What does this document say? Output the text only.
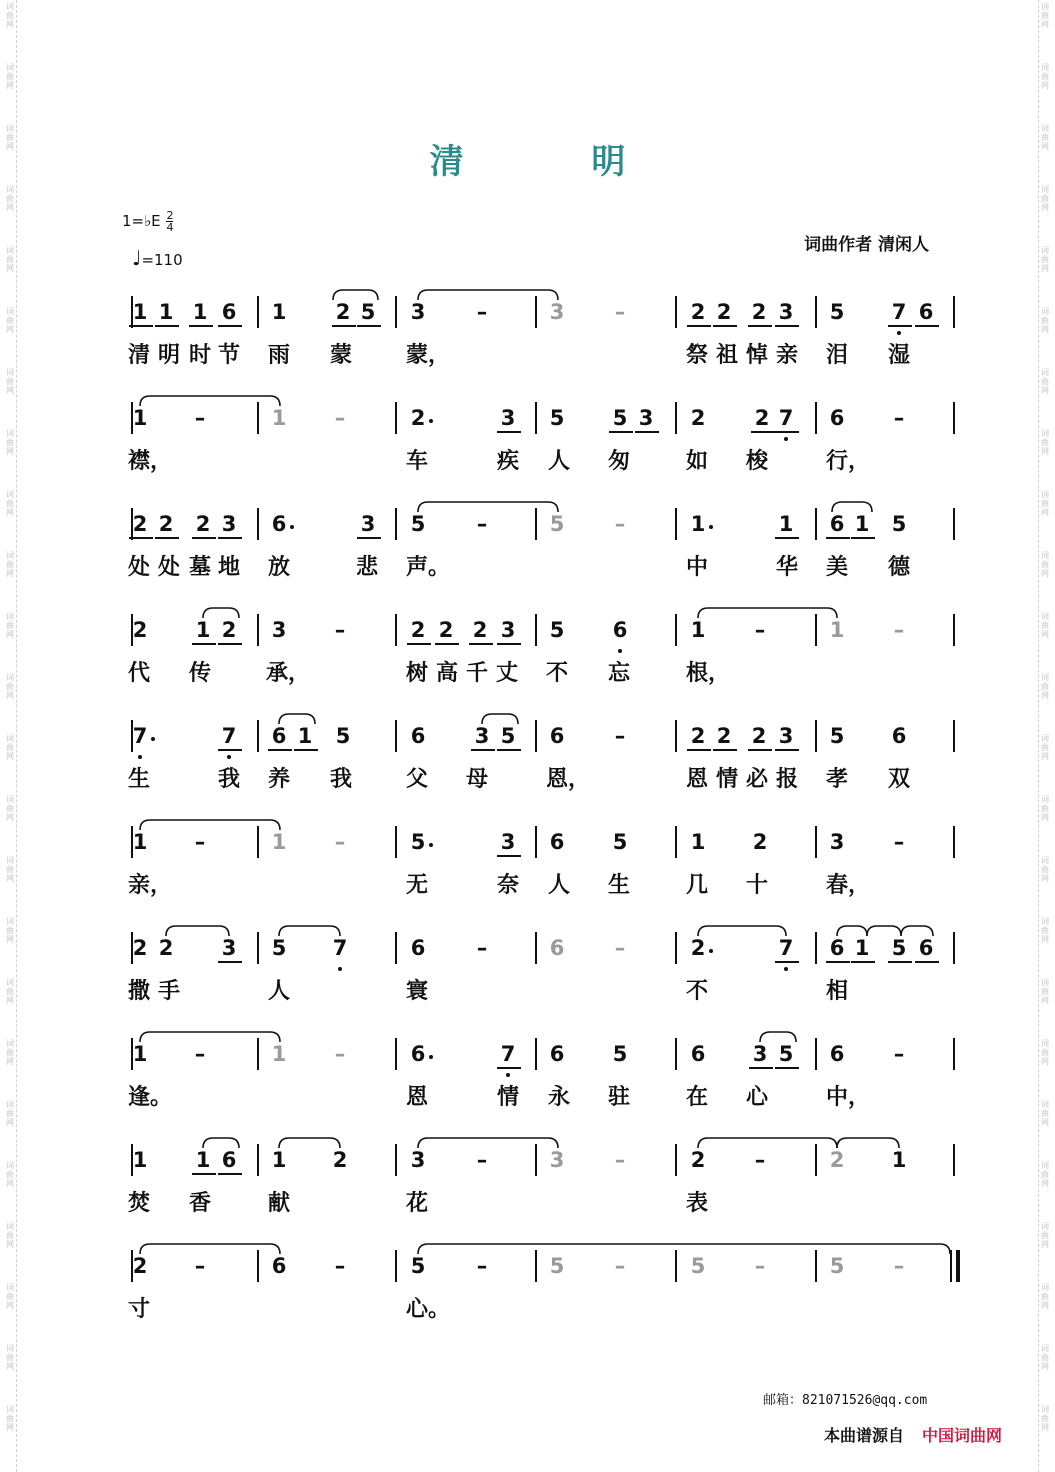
词
曲
网
词
曲
网
词
曲
网
词
曲
网
词
曲
网
词
曲
网
词
曲
网
词
曲
网
词
曲
网
词
曲
网
词
曲
网
词
曲
网
词
曲
网
词
曲
网
词
曲
网
词
曲
网
词
曲
网
词
曲
网
词
曲
网
词
曲
网
词
曲
网
词
曲
网
词
曲
网
词
曲
网
词
曲
网
词
曲
网
词
曲
网
词
曲
网
词
曲
网
词
曲
网
词
曲
网
词
曲
网
词
曲
网
词
曲
网
词
曲
网
词
曲
网
词
曲
网
词
曲
网
词
曲
网
词
曲
网
词
曲
网
词
曲
网
词
曲
网
词
曲
网
词
曲
网
词
曲
网
词
曲
网
词
曲
网
清 明
1=♭E $\frac{2}{4}$
♩=110
词曲作者 清闲人
1 1 1 6 1 2 5 3 –	3 –	2 2 2 3 5 7 6
清 明 时 节 雨 蒙 蒙，	祭 祖 悼 亲 泪 湿
1 –	1 –	2	3 5 5 3 2 2 7 6 –
襟，	车	疾 人 匆	如 梭	行，
2 2 2 3 6	3 5 –	5 –	1	1 6 1 5
处 处 墓 地 放	悲 声。	中	华 美 德
2 1 2 3 –	2 2 2 3 5 6	1 –	1 –
代 传 承，	树 高 千 丈 不 忘	根，
7	7 6 1 5	6 3 5 6 –	2 2 2 3 5 6
生	我 养 我 父 母	恩，	恩 情 必 报 孝 双
1 –	1 –	5	3 6 5	1 2	3 –
亲，	无	奈 人 生	几 十	春，
2 2 3 5 7	6 –	6 –	2	7 6 1 5 6
撒 手	人	寰	不	相
1 –	1 –	6	7 6 5	6 3 5 6 –
逢。	恩	情 永 驻	在 心	中，
1 1 6 1 2	3 –	3 –	2 –	2 1
焚 香	献	花	表
2 –	6 –	5 –	5 –	5 –	5 –
寸	心。
邮箱：821071526@qq.com
本曲谱源自 中国词曲网
